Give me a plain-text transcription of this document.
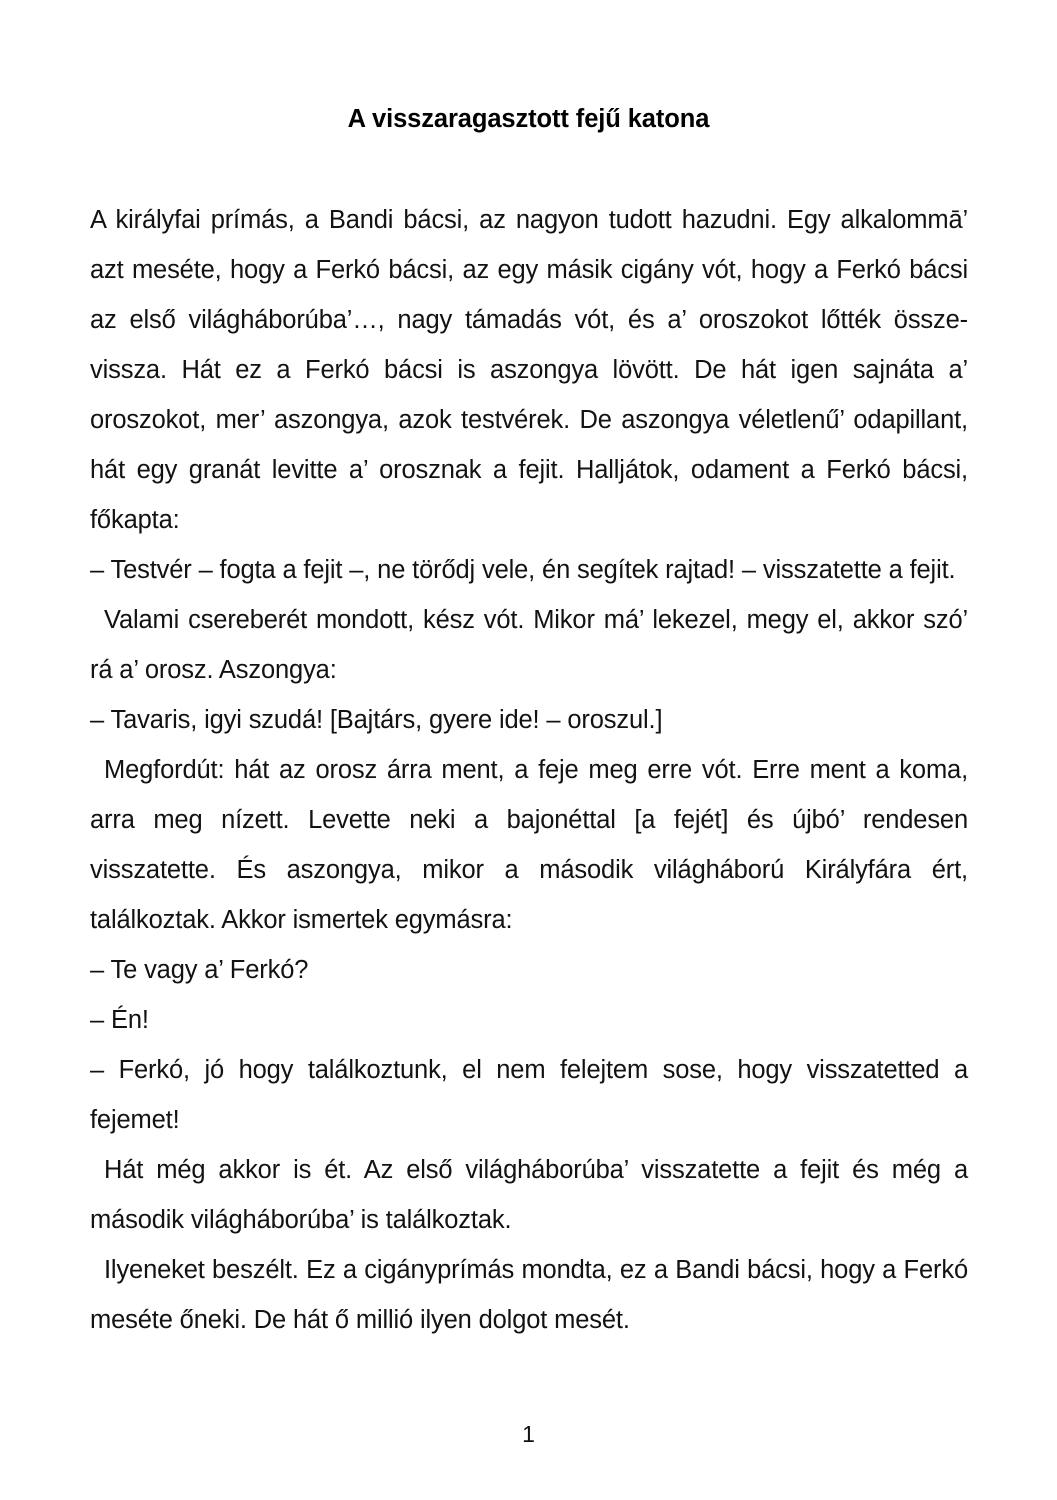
A visszaragasztott fejű katona

A királyfai prímás, a Bandi bácsi, az nagyon tudott hazudni. Egy alkalommā’ azt meséte, hogy a Ferkó bácsi, az egy másik cigány vót, hogy a Ferkó bácsi az első világháborúba’…, nagy támadás vót, és a’ oroszokot lőtték össze-vissza. Hát ez a Ferkó bácsi is aszongya lövött. De hát igen sajnáta a’ oroszokot, mer’ aszongya, azok testvérek. De aszongya véletlenű’ odapillant, hát egy granát levitte a’ orosznak a fejit. Halljátok, odament a Ferkó bácsi, főkapta:

– Testvér – fogta a fejit –, ne törődj vele, én segítek rajtad! – visszatette a fejit.

Valami csereberét mondott, kész vót. Mikor má’ lekezel, megy el, akkor szó’ rá a’ orosz. Aszongya:

– Tavaris, igyi szudá! [Bajtárs, gyere ide! – oroszul.]

Megfordút: hát az orosz árra ment, a feje meg erre vót. Erre ment a koma, arra meg nízett. Levette neki a bajonéttal [a fejét] és újbó’ rendesen visszatette. És aszongya, mikor a második világháború Királyfára ért, találkoztak. Akkor ismertek egymásra:

– Te vagy a’ Ferkó?

– Én!

– Ferkó, jó hogy találkoztunk, el nem felejtem sose, hogy visszatetted a fejemet!

Hát még akkor is ét. Az első világháborúba’ visszatette a fejit és még a második világháborúba’ is találkoztak.

Ilyeneket beszélt. Ez a cigányprímás mondta, ez a Bandi bácsi, hogy a Ferkó meséte őneki. De hát ő millió ilyen dolgot mesét.

1
